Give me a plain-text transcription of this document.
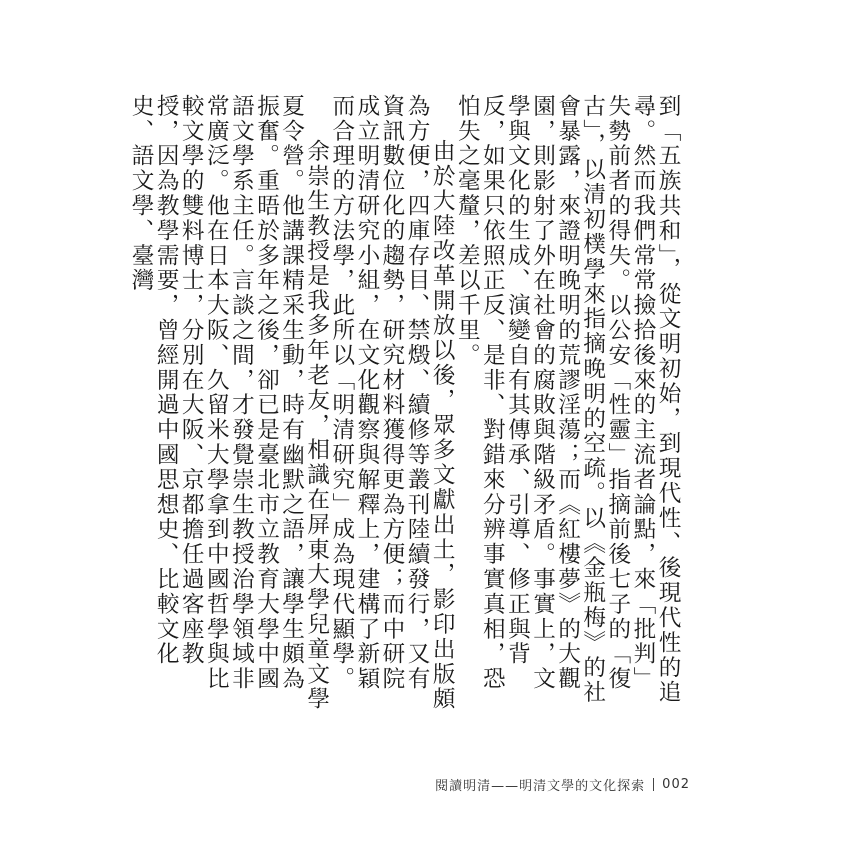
到「五族共和」，從文明初始，到現代性、後現代性的追尋。然而我們常常撿拾後來的主流者論點，來「批判」失勢前者的得失。以公安「性靈」指摘前後七子的「復古」，以清初樸學來指摘晚明的空疏。以《金瓶梅》的社會暴露，來證明晚明的荒謬淫蕩；而《紅樓夢》的大觀園，則影射了外在社會的腐敗與階級矛盾。事實上，文學與文化的生成、演變自有其傳承、引導、修正與背反，如果只依照正反、是非、對錯來分辨事實真相，恐怕失之毫釐，差以千里。

由於大陸改革開放以後，眾多文獻出土，影印出版頗為方便，四庫存目、禁燬、續修等叢刊陸續發行，又有資訊數位化的趨勢，研究材料獲得更為方便；而中研院成立明清研究小組，在文化觀察與解釋上，建構了新穎而合理的方法學，此所以「明清研究」成為現代顯學。

余崇生教授是我多年老友，相識在屏東大學兒童文學夏令營。他講課精采生動，時有幽默之語，讓學生頗為振奮。重晤於多年之後，卻已是臺北市立教育大學中國語文學系主任。言談之間，才發覺崇生教授治學領域非常廣泛。他在日本大阪、久留米大學拿到中國哲學與比較文學的雙料博士，分別在大阪、京都擔任過客座教授，因為教學需要，曾經開過中國思想史、比較文化史、語文學、臺灣

閱讀明清——明清文學的文化探索 002
